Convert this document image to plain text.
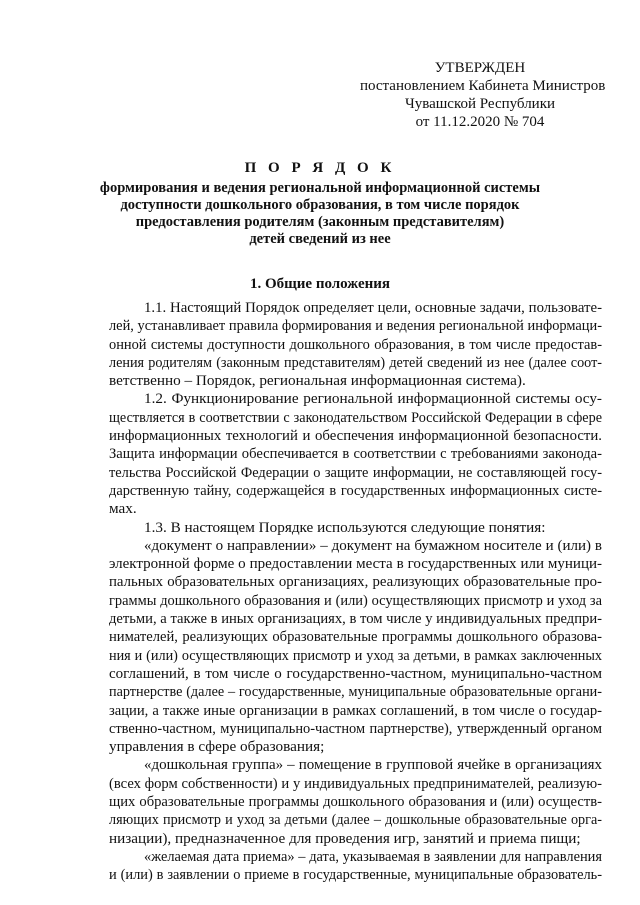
УТВЕРЖДЕН
постановлением Кабинета Министров
Чувашской Республики
от 11.12.2020 № 704
П О Р Я Д О К
формирования и ведения региональной информационной системы
доступности дошкольного образования, в том числе порядок
предоставления родителям (законным представителям)
детей сведений из нее
1. Общие положения
1.1. Настоящий Порядок определяет цели, основные задачи, пользовате-
лей, устанавливает правила формирования и ведения региональной информаци-
онной системы доступности дошкольного образования, в том числе предостав-
ления родителям (законным представителям) детей сведений из нее (далее соот-
ветственно – Порядок, региональная информационная система).
1.2. Функционирование региональной информационной системы осу-
ществляется в соответствии с законодательством Российской Федерации в сфере
информационных технологий и обеспечения информационной безопасности.
Защита информации обеспечивается в соответствии с требованиями законода-
тельства Российской Федерации о защите информации, не составляющей госу-
дарственную тайну, содержащейся в государственных информационных систе-
мах.
1.3. В настоящем Порядке используются следующие понятия:
«документ о направлении» – документ на бумажном носителе и (или) в
электронной форме о предоставлении места в государственных или муници-
пальных образовательных организациях, реализующих образовательные про-
граммы дошкольного образования и (или) осуществляющих присмотр и уход за
детьми, а также в иных организациях, в том числе у индивидуальных предпри-
нимателей, реализующих образовательные программы дошкольного образова-
ния и (или) осуществляющих присмотр и уход за детьми, в рамках заключенных
соглашений, в том числе о государственно-частном, муниципально-частном
партнерстве (далее – государственные, муниципальные образовательные органи-
зации, а также иные организации в рамках соглашений, в том числе о государ-
ственно-частном, муниципально-частном партнерстве), утвержденный органом
управления в сфере образования;
«дошкольная группа» – помещение в групповой ячейке в организациях
(всех форм собственности) и у индивидуальных предпринимателей, реализую-
щих образовательные программы дошкольного образования и (или) осуществ-
ляющих присмотр и уход за детьми (далее – дошкольные образовательные орга-
низации), предназначенное для проведения игр, занятий и приема пищи;
«желаемая дата приема» – дата, указываемая в заявлении для направления
и (или) в заявлении о приеме в государственные, муниципальные образователь-
